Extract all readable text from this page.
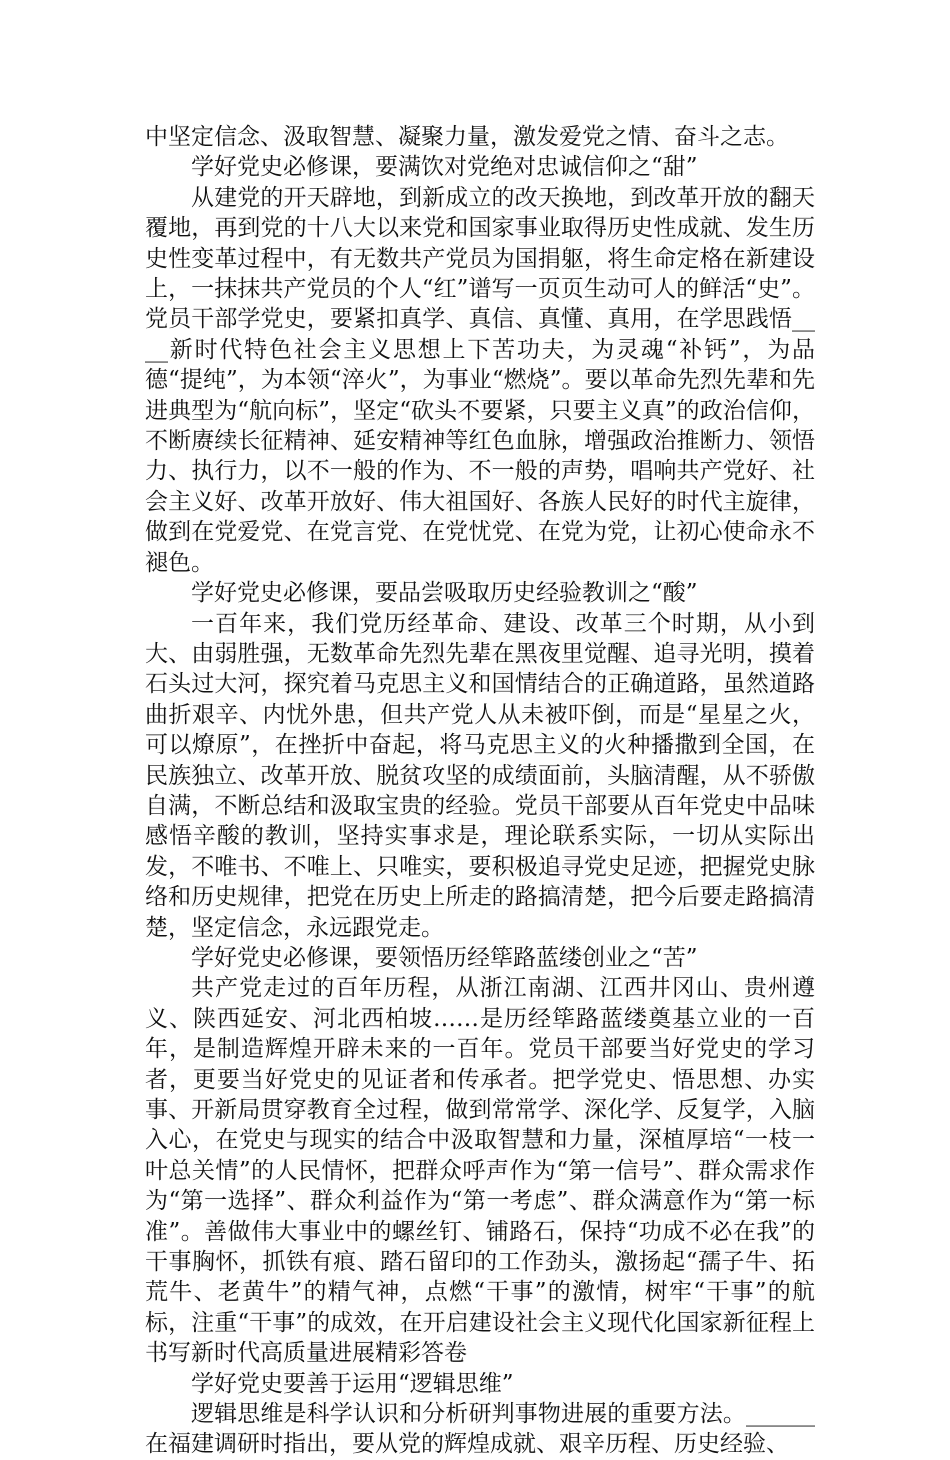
中坚定信念、汲取智慧、凝聚力量，激发爱党之情、奋斗之志。

学好党史必修课，要满饮对党绝对忠诚信仰之“甜”

从建党的开天辟地，到新成立的改天换地，到改革开放的翻天覆地，再到党的十八大以来党和国家事业取得历史性成就、发生历史性变革过程中，有无数共产党员为国捐躯，将生命定格在新建设上，一抹抹共产党员的个人“红”谱写一页页生动可人的鲜活“史”。党员干部学党史，要紧扣真学、真信、真懂、真用，在学思践悟____新时代特色社会主义思想上下苦功夫，为灵魂“补钙”，为品德“提纯”，为本领“淬火”，为事业“燃烧”。要以革命先烈先辈和先进典型为“航向标”，坚定“砍头不要紧，只要主义真”的政治信仰，不断赓续长征精神、延安精神等红色血脉，增强政治推断力、领悟力、执行力，以不一般的作为、不一般的声势，唱响共产党好、社会主义好、改革开放好、伟大祖国好、各族人民好的时代主旋律，做到在党爱党、在党言党、在党忧党、在党为党，让初心使命永不褪色。

学好党史必修课，要品尝吸取历史经验教训之“酸”

一百年来，我们党历经革命、建设、改革三个时期，从小到大、由弱胜强，无数革命先烈先辈在黑夜里觉醒、追寻光明，摸着石头过大河，探究着马克思主义和国情结合的正确道路，虽然道路曲折艰辛、内忧外患，但共产党人从未被吓倒，而是“星星之火，可以燎原”，在挫折中奋起，将马克思主义的火种播撒到全国，在民族独立、改革开放、脱贫攻坚的成绩面前，头脑清醒，从不骄傲自满，不断总结和汲取宝贵的经验。党员干部要从百年党史中品味感悟辛酸的教训，坚持实事求是，理论联系实际，一切从实际出发，不唯书、不唯上、只唯实，要积极追寻党史足迹，把握党史脉络和历史规律，把党在历史上所走的路搞清楚，把今后要走路搞清楚，坚定信念，永远跟党走。

学好党史必修课，要领悟历经筚路蓝缕创业之“苦”

共产党走过的百年历程，从浙江南湖、江西井冈山、贵州遵义、陕西延安、河北西柏坡……是历经筚路蓝缕奠基立业的一百年，是制造辉煌开辟未来的一百年。党员干部要当好党史的学习者，更要当好党史的见证者和传承者。把学党史、悟思想、办实事、开新局贯穿教育全过程，做到常常学、深化学、反复学，入脑入心，在党史与现实的结合中汲取智慧和力量，深植厚培“一枝一叶总关情”的人民情怀，把群众呼声作为“第一信号”、群众需求作为“第一选择”、群众利益作为“第一考虑”、群众满意作为“第一标准”。善做伟大事业中的螺丝钉、铺路石，保持“功成不必在我”的干事胸怀，抓铁有痕、踏石留印的工作劲头，激扬起“孺子牛、拓荒牛、老黄牛”的精气神，点燃“干事”的激情，树牢“干事”的航标，注重“干事”的成效，在开启建设社会主义现代化国家新征程上书写新时代高质量进展精彩答卷

学好党史要善于运用“逻辑思维”

逻辑思维是科学认识和分析研判事物进展的重要方法。______在福建调研时指出，要从党的辉煌成就、艰辛历程、历史经验、
